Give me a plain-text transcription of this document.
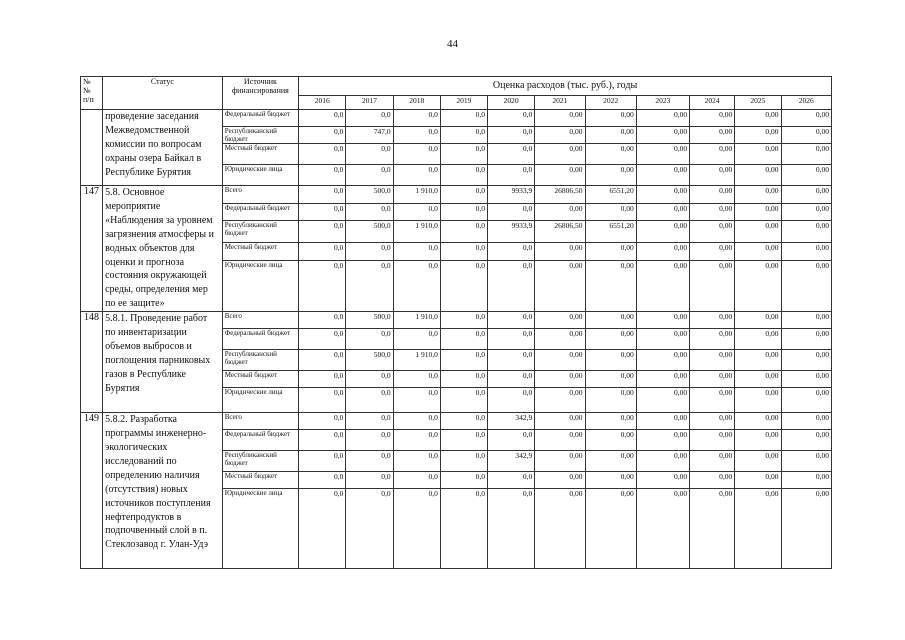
44
№
№
п/п	Статус	Источник финансирования	Оценка расходов (тыс. руб.), годы										
			2016	2017	2018	2019	2020	2021	2022	2023	2024	2025	2026
	проведение заседания Межведомственной комиссии по вопросам охраны озера Байкал в Республике Бурятия	Федеральный бюджет	0,0	0,0	0,0	0,0	0,0	0,00	0,00	0,00	0,00	0,00	0,00
		Республиканский бюджет	0,0	747,0	0,0	0,0	0,0	0,00	0,00	0,00	0,00	0,00	0,00
		Местный бюджет	0,0	0,0	0,0	0,0	0,0	0,00	0,00	0,00	0,00	0,00	0,00
		Юридические лица	0,0	0,0	0,0	0,0	0,0	0,00	0,00	0,00	0,00	0,00	0,00
147	5.8. Основное мероприятие «Наблюдения за уровнем загрязнения атмосферы и водных объектов для оценки и прогноза состояния окружающей среды, определения мер по ее защите»	Всего	0,0	500,0	1 910,0	0,0	9933,9	26806,50	6551,20	0,00	0,00	0,00	0,00
		Федеральный бюджет	0,0	0,0	0,0	0,0	0,0	0,00	0,00	0,00	0,00	0,00	0,00
		Республиканский бюджет	0,0	500,0	1 910,0	0,0	9933,9	26806,50	6551,20	0,00	0,00	0,00	0,00
		Местный бюджет	0,0	0,0	0,0	0,0	0,0	0,00	0,00	0,00	0,00	0,00	0,00
		Юридические лица	0,0	0,0	0,0	0,0	0,0	0,00	0,00	0,00	0,00	0,00	0,00
148	5.8.1. Проведение работ по инвентаризации объемов выбросов и поглощения парниковых газов в Республике Бурятия	Всего	0,0	500,0	1 910,0	0,0	0,0	0,00	0,00	0,00	0,00	0,00	0,00
		Федеральный бюджет	0,0	0,0	0,0	0,0	0,0	0,00	0,00	0,00	0,00	0,00	0,00
		Республиканский бюджет	0,0	500,0	1 910,0	0,0	0,0	0,00	0,00	0,00	0,00	0,00	0,00
		Местный бюджет	0,0	0,0	0,0	0,0	0,0	0,00	0,00	0,00	0,00	0,00	0,00
		Юридические лица	0,0	0,0	0,0	0,0	0,0	0,00	0,00	0,00	0,00	0,00	0,00
149	5.8.2. Разработка программы инженерно-экологических исследований по определению наличия (отсутствия) новых источников поступления нефтепродуктов в подпочвенный слой в п. Стеклозавод г. Улан-Удэ	Всего	0,0	0,0	0,0	0,0	342,9	0,00	0,00	0,00	0,00	0,00	0,00
		Федеральный бюджет	0,0	0,0	0,0	0,0	0,0	0,00	0,00	0,00	0,00	0,00	0,00
		Республиканский бюджет	0,0	0,0	0,0	0,0	342,9	0,00	0,00	0,00	0,00	0,00	0,00
		Местный бюджет	0,0	0,0	0,0	0,0	0,0	0,00	0,00	0,00	0,00	0,00	0,00
		Юридические лица	0,0	0,0	0,0	0,0	0,0	0,00	0,00	0,00	0,00	0,00	0,00
